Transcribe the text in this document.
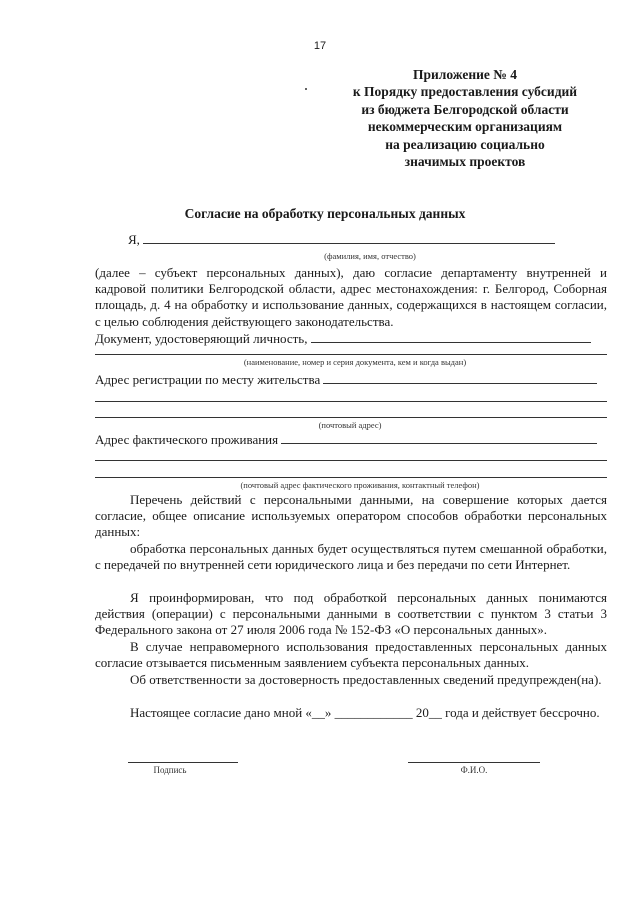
17
Приложение № 4
к Порядку предоставления субсидий
из бюджета Белгородской области
некоммерческим организациям
на реализацию социально
значимых проектов
Согласие на обработку персональных данных
Я,
(фамилия, имя, отчество)

(далее – субъект персональных данных), даю согласие департаменту внутренней и кадровой политики Белгородской области, адрес местонахождения: г. Белгород, Соборная площадь, д. 4 на обработку и использование данных, содержащихся в настоящем согласии, с целью соблюдения действующего законодательства.

Документ, удостоверяющий личность,
(наименование, номер и серия документа, кем и когда выдан)
Адрес регистрации по месту жительства
(почтовый адрес)
Адрес фактического проживания
(почтовый адрес фактического проживания, контактный телефон)

Перечень действий с персональными данными, на совершение которых дается согласие, общее описание используемых оператором способов обработки персональных данных:

обработка персональных данных будет осуществляться путем смешанной обработки, с передачей по внутренней сети юридического лица и без передачи по сети Интернет.

Я проинформирован, что под обработкой персональных данных понимаются действия (операции) с персональными данными в соответствии с пунктом 3 статьи 3 Федерального закона от 27 июля 2006 года № 152-ФЗ «О персональных данных».

В случае неправомерного использования предоставленных персональных данных согласие отзывается письменным заявлением субъекта персональных данных.

Об ответственности за достоверность предоставленных сведений предупрежден(на).

Настоящее согласие дано мной «__» ____________ 20__ года и действует бессрочно.

Подпись	Ф.И.О.
